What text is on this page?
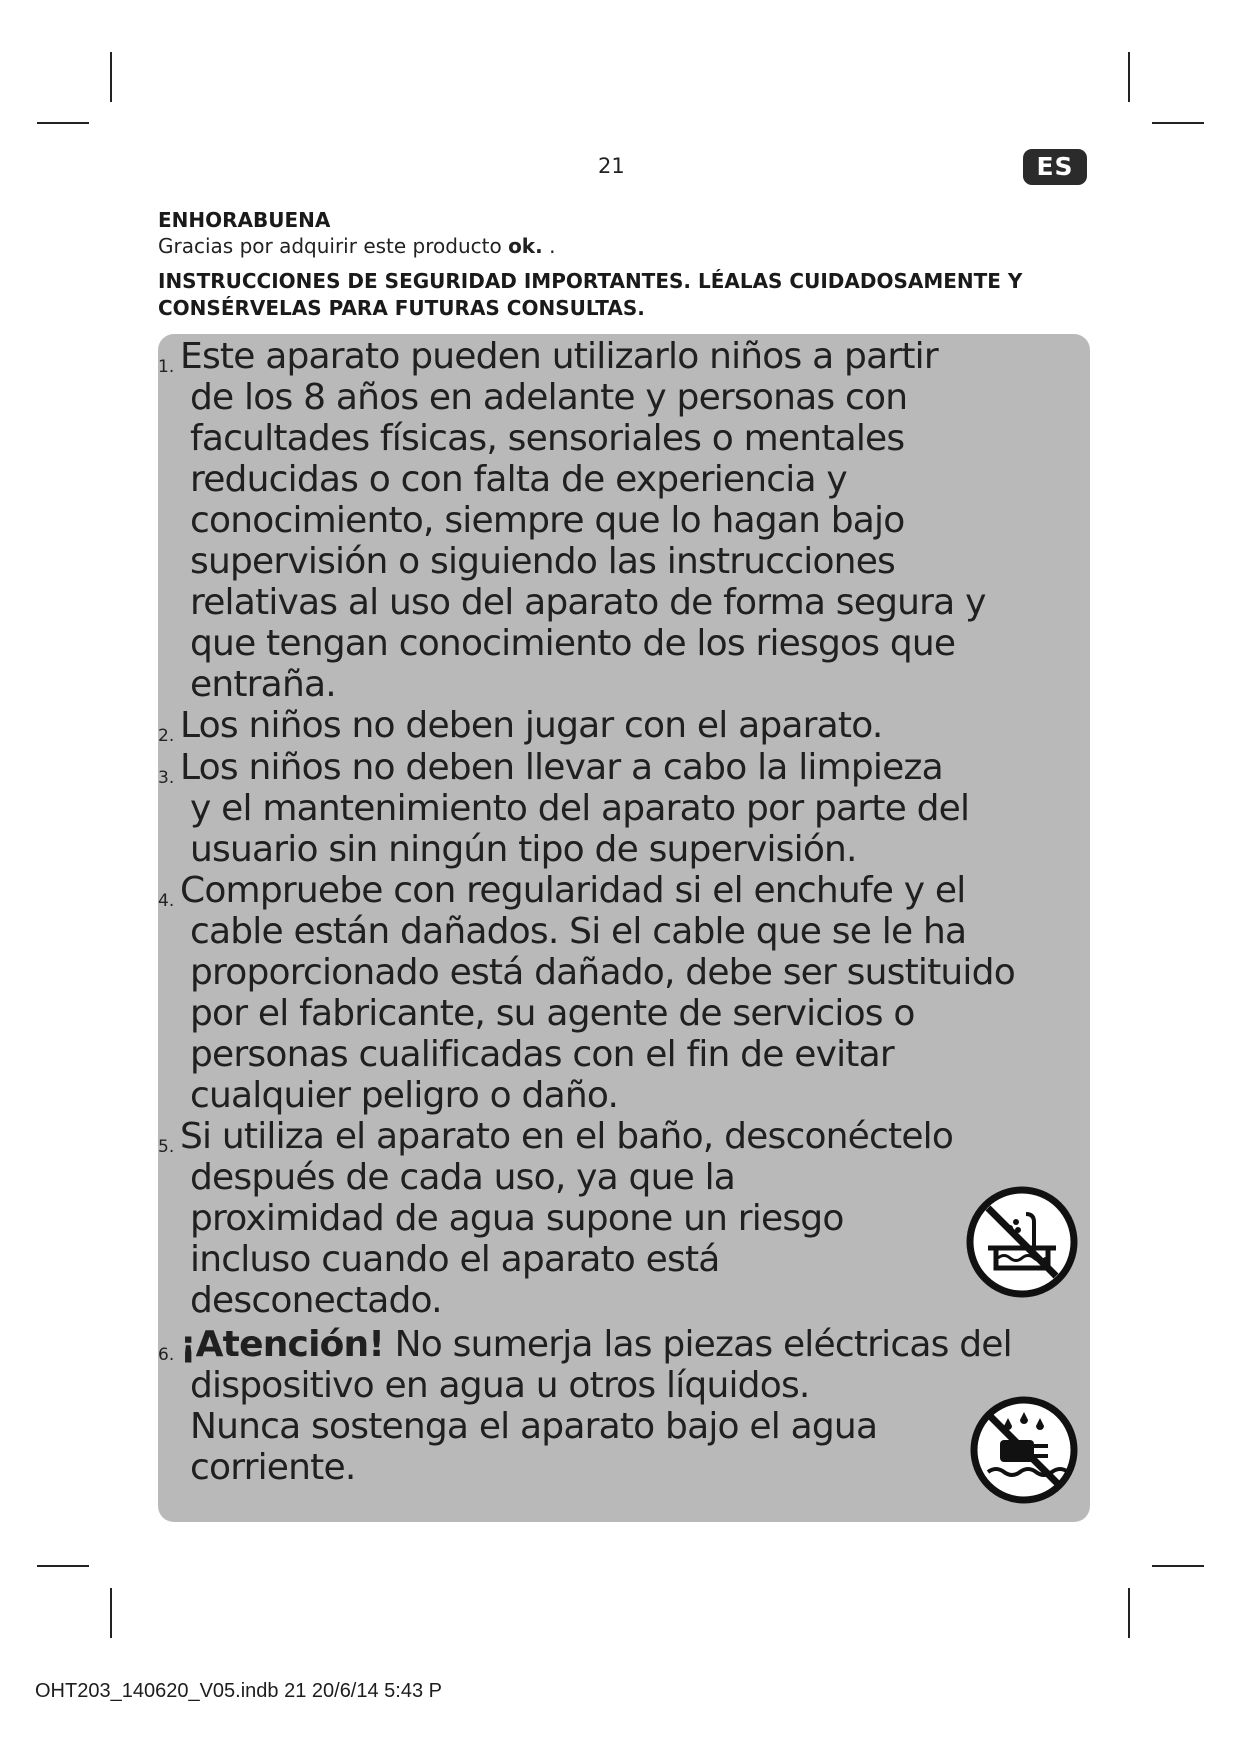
21	ES
ENHORABUENA
Gracias por adquirir este producto ok. .
INSTRUCCIONES DE SEGURIDAD IMPORTANTES. LÉALAS CUIDADOSAMENTE Y
CONSÉRVELAS PARA FUTURAS CONSULTAS.
1. Este aparato pueden utilizarlo niños a partir
de los 8 años en adelante y personas con
facultades físicas, sensoriales o mentales
reducidas o con falta de experiencia y
conocimiento, siempre que lo hagan bajo
supervisión o siguiendo las instrucciones
relativas al uso del aparato de forma segura y
que tengan conocimiento de los riesgos que
entraña.

2. Los niños no deben jugar con el aparato.

3. Los niños no deben llevar a cabo la limpieza
y el mantenimiento del aparato por parte del
usuario sin ningún tipo de supervisión.

4. Compruebe con regularidad si el enchufe y el
cable están dañados. Si el cable que se le ha
proporcionado está dañado, debe ser sustituido
por el fabricante, su agente de servicios o
personas cualificadas con el fin de evitar
cualquier peligro o daño.

5. Si utiliza el aparato en el baño, desconéctelo
después de cada uso, ya que la
proximidad de agua supone un riesgo
incluso cuando el aparato está
desconectado.

6. ¡Atención! No sumerja las piezas eléctricas del
dispositivo en agua u otros líquidos.
Nunca sostenga el aparato bajo el agua
corriente.

OHT203_140620_V05.indb 21 20/6/14 5:43 P
